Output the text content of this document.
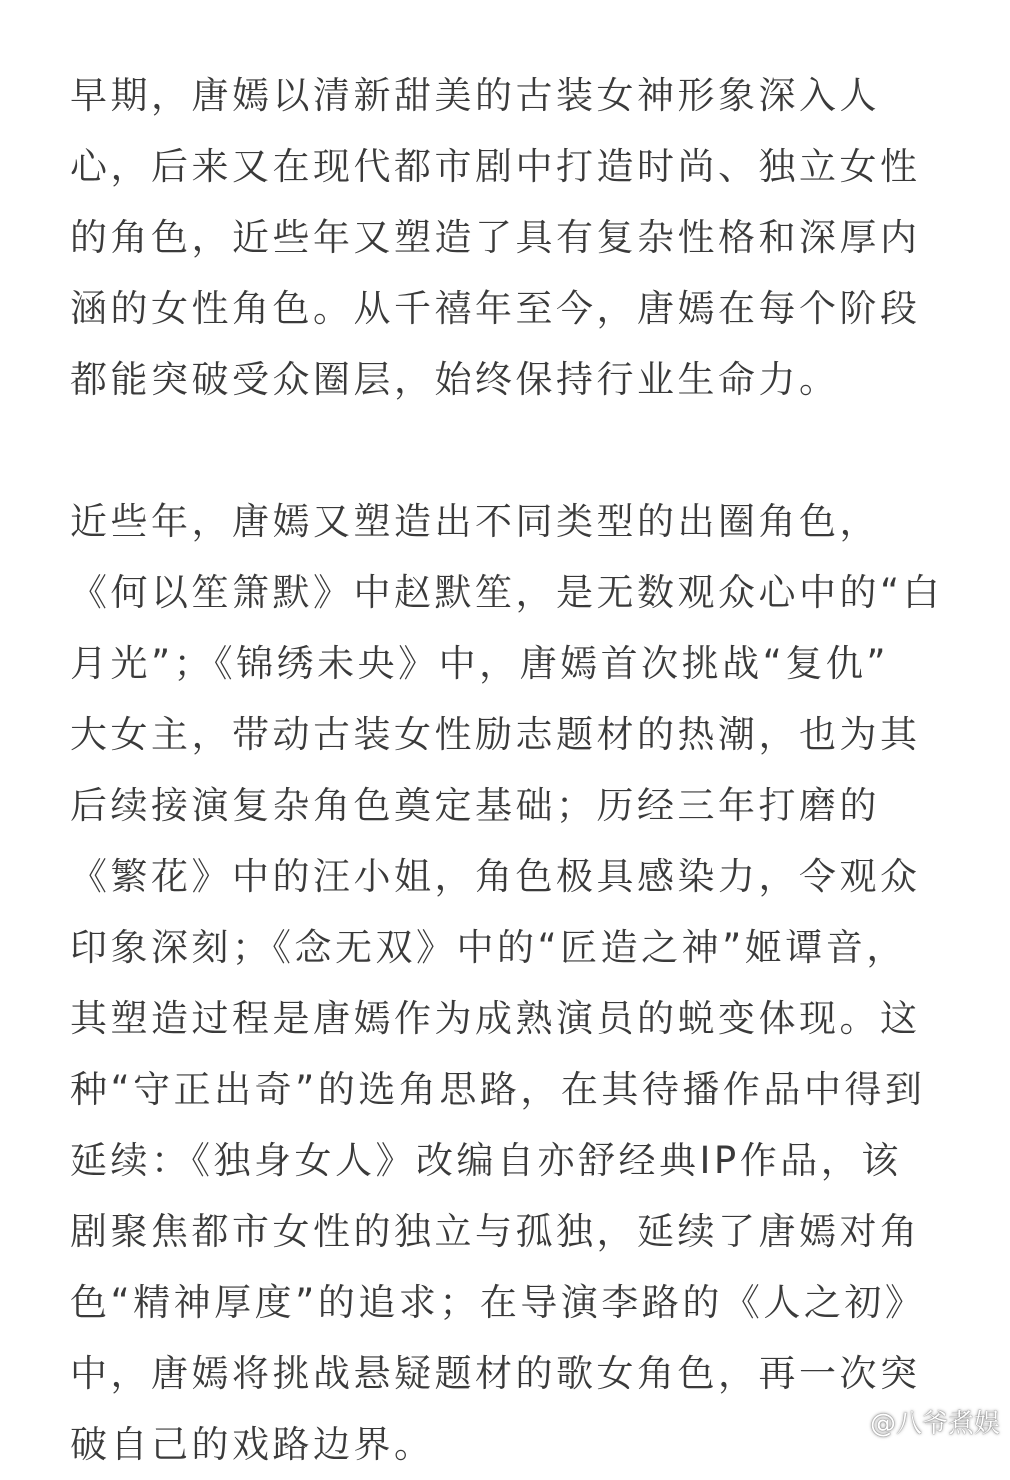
早期，唐嫣以清新甜美的古装女神形象深入人
心，后来又在现代都市剧中打造时尚、独立女性
的角色，近些年又塑造了具有复杂性格和深厚内
涵的女性角色。从千禧年至今，唐嫣在每个阶段
都能突破受众圈层，始终保持行业生命力。
近些年，唐嫣又塑造出不同类型的出圈角色，
《何以笙箫默》中赵默笙，是无数观众心中的“白
月光”；《锦绣未央》中，唐嫣首次挑战“复仇”
大女主，带动古装女性励志题材的热潮，也为其
后续接演复杂角色奠定基础；历经三年打磨的
《繁花》中的汪小姐，角色极具感染力，令观众
印象深刻；《念无双》中的“匠造之神”姬谭音，
其塑造过程是唐嫣作为成熟演员的蜕变体现。这
种“守正出奇”的选角思路，在其待播作品中得到
延续：《独身女人》改编自亦舒经典IP作品，该
剧聚焦都市女性的独立与孤独，延续了唐嫣对角
色“精神厚度”的追求；在导演李路的《人之初》
中，唐嫣将挑战悬疑题材的歌女角色，再一次突
破自己的戏路边界。	@八爷煮娱
